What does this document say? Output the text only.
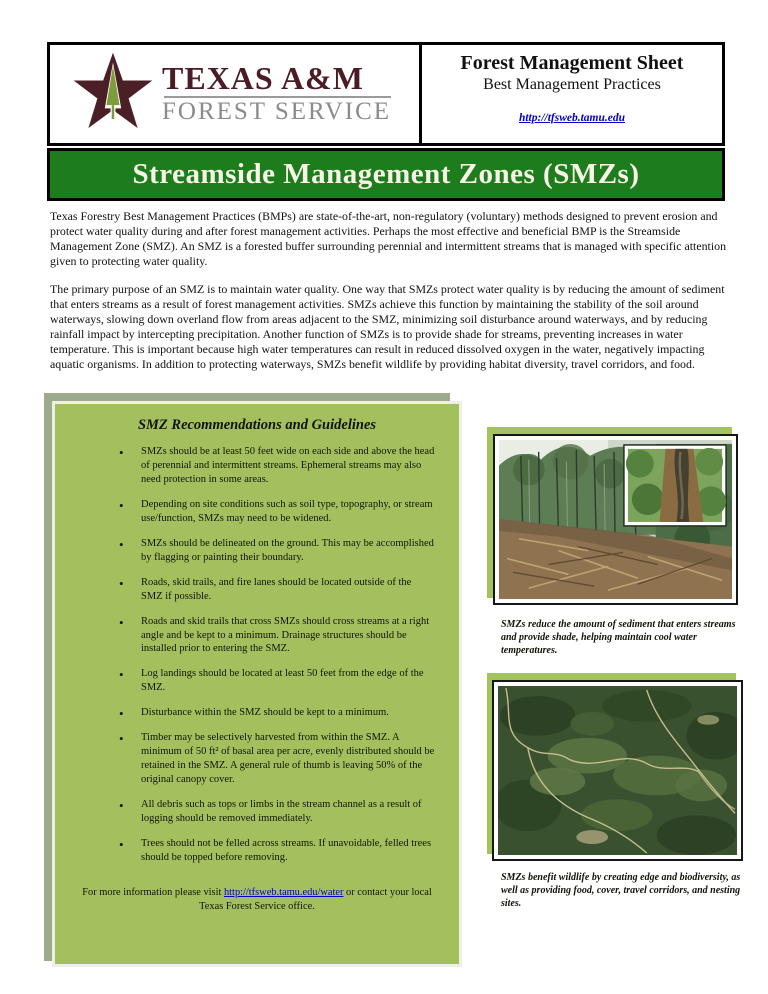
TEXAS A&M
FOREST SERVICE
Forest Management Sheet
Best Management Practices
http://tfsweb.tamu.edu
Streamside Management Zones (SMZs)

Texas Forestry Best Management Practices (BMPs) are state-of-the-art, non-regulatory (voluntary) methods designed to prevent erosion and protect water quality during and after forest management activities. Perhaps the most effective and beneficial BMP is the Streamside Management Zone (SMZ). An SMZ is a forested buffer surrounding perennial and intermittent streams that is managed with specific attention given to protecting water quality.

The primary purpose of an SMZ is to maintain water quality. One way that SMZs protect water quality is by reducing the amount of sediment that enters streams as a result of forest management activities. SMZs achieve this function by maintaining the stability of the soil around waterways, slowing down overland flow from areas adjacent to the SMZ, minimizing soil disturbance around waterways, and by reducing rainfall impact by intercepting precipitation. Another function of SMZs is to provide shade for streams, preventing increases in water temperature. This is important because high water temperatures can result in reduced dissolved oxygen in the water, negatively impacting aquatic organisms. In addition to protecting waterways, SMZs benefit wildlife by providing habitat diversity, travel corridors, and food.

SMZ Recommendations and Guidelines
• SMZs should be at least 50 feet wide on each side and above the head of perennial and intermittent streams. Ephemeral streams may also need protection in some areas.
• Depending on site conditions such as soil type, topography, or stream use/function, SMZs may need to be widened.
• SMZs should be delineated on the ground. This may be accomplished by flagging or painting their boundary.
• Roads, skid trails, and fire lanes should be located outside of the SMZ if possible.
• Roads and skid trails that cross SMZs should cross streams at a right angle and be kept to a minimum. Drainage structures should be installed prior to entering the SMZ.
• Log landings should be located at least 50 feet from the edge of the SMZ.
• Disturbance within the SMZ should be kept to a minimum.
• Timber may be selectively harvested from within the SMZ. A minimum of 50 ft² of basal area per acre, evenly distributed should be retained in the SMZ. A general rule of thumb is leaving 50% of the original canopy cover.
• All debris such as tops or limbs in the stream channel as a result of logging should be removed immediately.
• Trees should not be felled across streams. If unavoidable, felled trees should be topped before removing.
For more information please visit http://tfsweb.tamu.edu/water or contact your local Texas Forest Service office.
SMZs reduce the amount of sediment that enters streams and provide shade, helping maintain cool water temperatures.
SMZs benefit wildlife by creating edge and biodiversity, as well as providing food, cover, travel corridors, and nesting sites.
